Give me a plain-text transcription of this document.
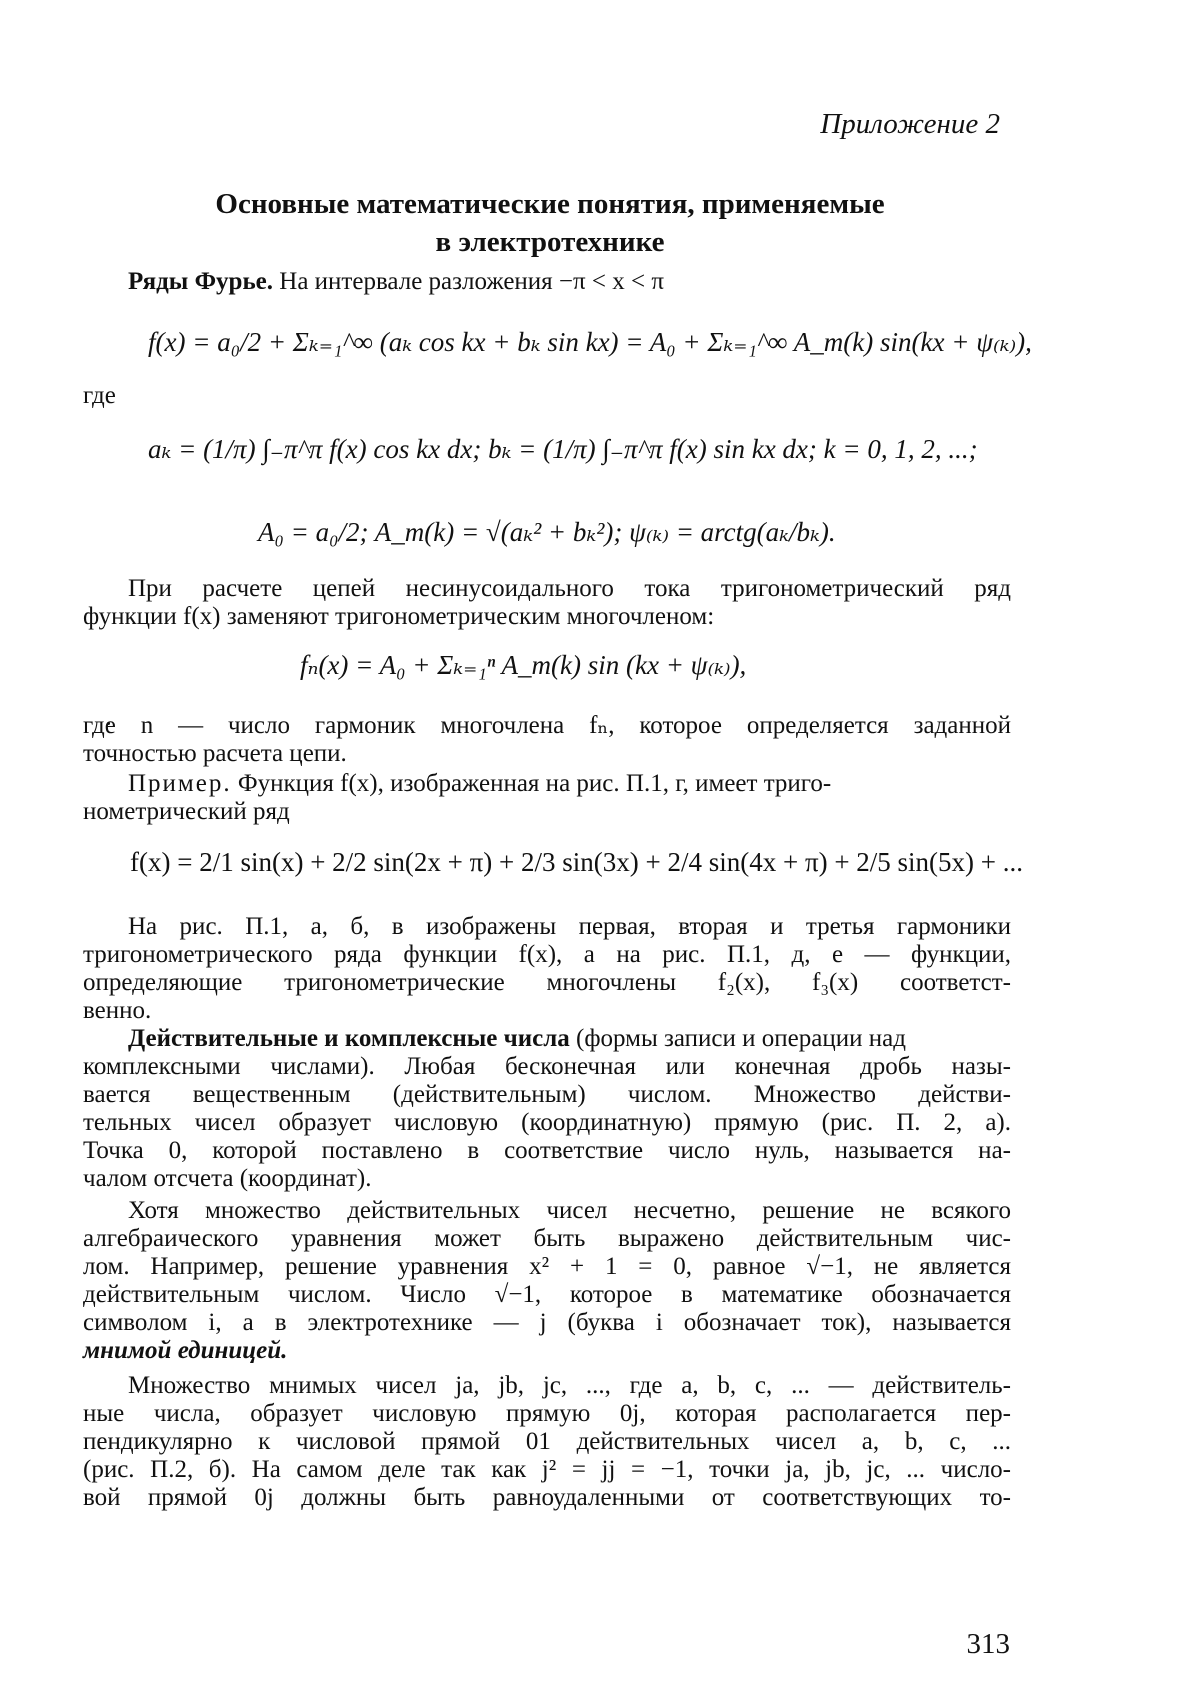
Приложение 2
Основные математические понятия, применяемые
в электротехнике
Ряды Фурье. На интервале разложения −π < x < π
f(x) = a₀/2 + Σₖ₌₁^∞ (aₖ cos kx + bₖ sin kx) = A₀ + Σₖ₌₁^∞ A_m(k) sin(kx + ψ₍ₖ₎),
где
aₖ = (1/π) ∫₋π^π f(x) cos kx dx; bₖ = (1/π) ∫₋π^π f(x) sin kx dx; k = 0, 1, 2, ...;
A₀ = a₀/2; A_m(k) = √(aₖ² + bₖ²); ψ₍ₖ₎ = arctg(aₖ/bₖ).
При расчете цепей несинусоидального тока тригонометрический ряд
функции f(x) заменяют тригонометрическим многочленом:
fₙ(x) = A₀ + Σₖ₌₁ⁿ A_m(k) sin (kx + ψ₍ₖ₎),
где n — число гармоник многочлена fₙ, которое определяется заданной
точностью расчета цепи.
Пример. Функция f(x), изображенная на рис. П.1, г, имеет триго-
нометрический ряд
f(x) = 2/1 sin(x) + 2/2 sin(2x + π) + 2/3 sin(3x) + 2/4 sin(4x + π) + 2/5 sin(5x) + ...
На рис. П.1, а, б, в изображены первая, вторая и третья гармоники
тригонометрического ряда функции f(x), а на рис. П.1, д, е — функции,
определяющие тригонометрические многочлены f₂(x), f₃(x) соответст-
венно.
Действительные и комплексные числа (формы записи и операции над
комплексными числами). Любая бесконечная или конечная дробь назы-
вается вещественным (действительным) числом. Множество действи-
тельных чисел образует числовую (координатную) прямую (рис. П. 2, а).
Точка 0, которой поставлено в соответствие число нуль, называется на-
чалом отсчета (координат).
Хотя множество действительных чисел несчетно, решение не всякого
алгебраического уравнения может быть выражено действительным чис-
лом. Например, решение уравнения x² + 1 = 0, равное √−1, не является
действительным числом. Число √−1, которое в математике обозначается
символом i, а в электротехнике — j (буква i обозначает ток), называется
мнимой единицей.
Множество мнимых чисел ja, jb, jc, ..., где a, b, c, ... — действитель-
ные числа, образует числовую прямую 0j, которая располагается пер-
пендикулярно к числовой прямой 01 действительных чисел a, b, c, ...
(рис. П.2, б). На самом деле так как j² = jj = −1, точки ja, jb, jc, ... число-
вой прямой 0j должны быть равноудаленными от соответствующих то-
313
